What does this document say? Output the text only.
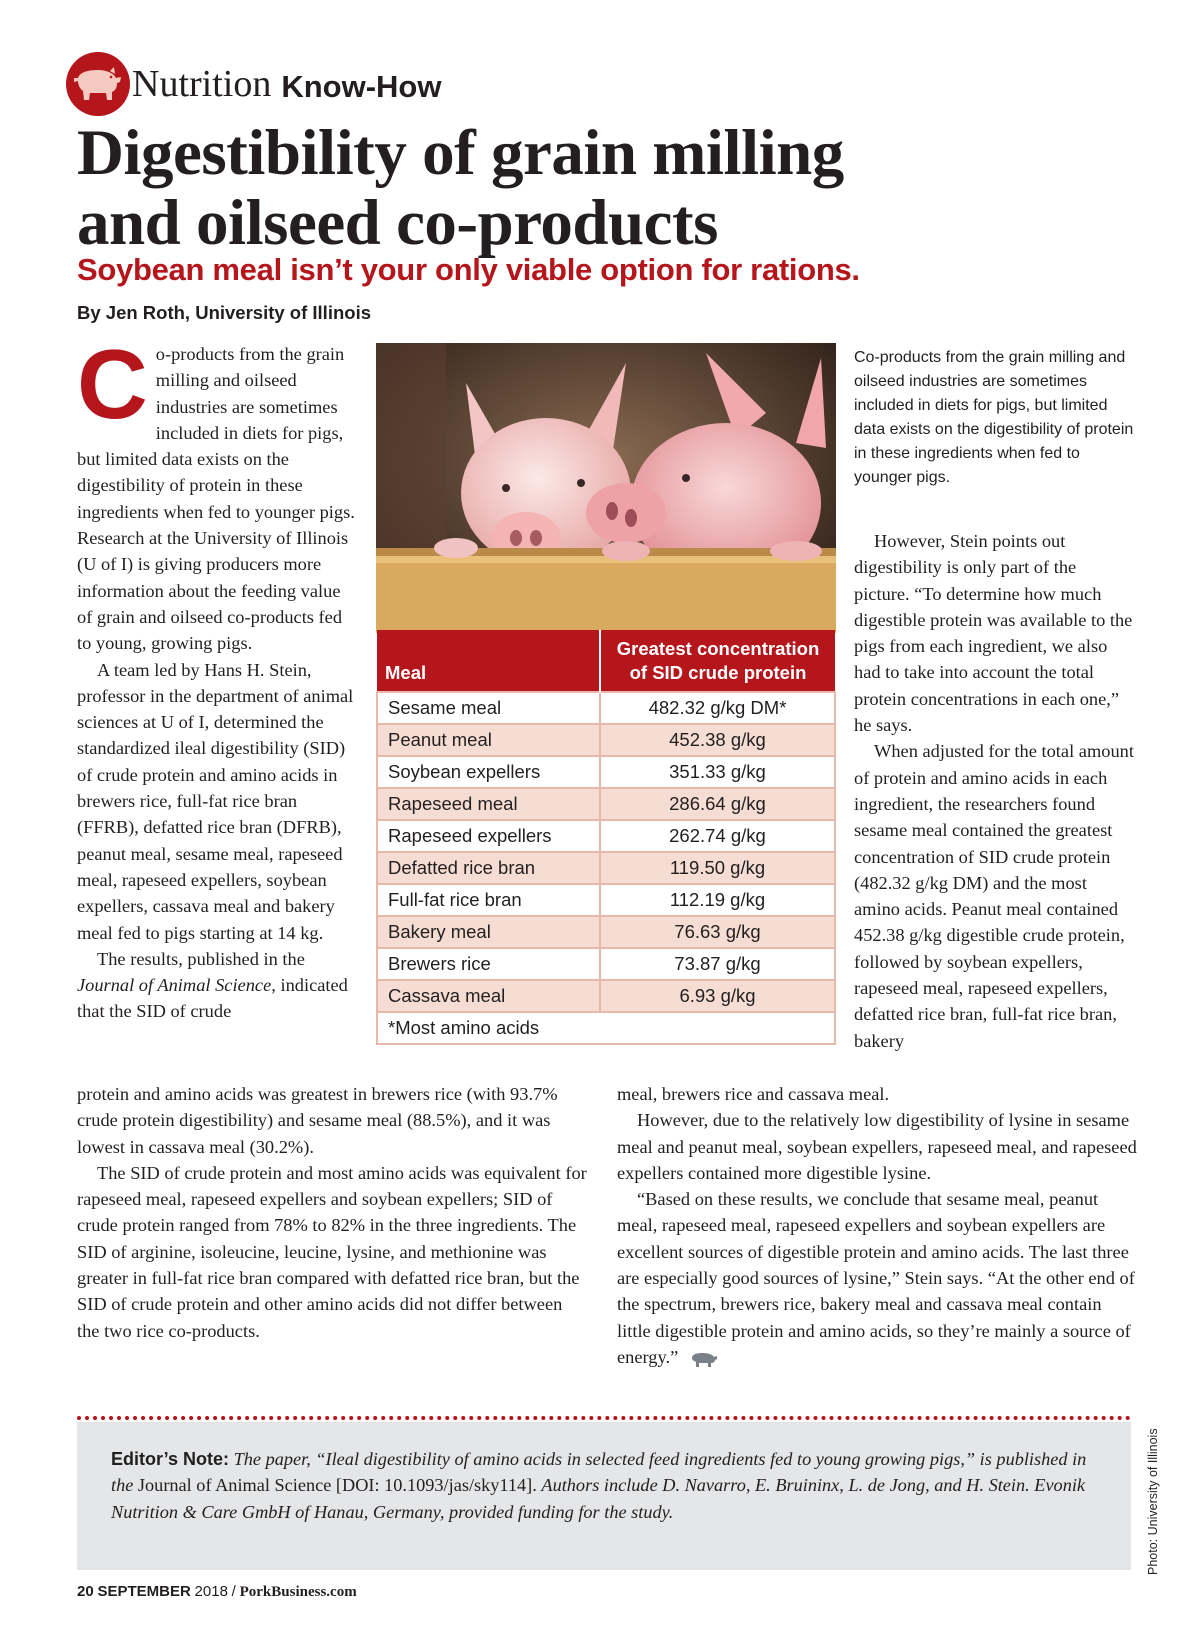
Nutrition Know-How
Digestibility of grain milling
and oilseed co-products
Soybean meal isn’t your only viable option for rations.
By Jen Roth, University of Illinois

Co-products from the grain milling and oilseed industries are sometimes included in diets for pigs, but limited data exists on the digestibility of protein in these ingredients when fed to younger pigs. Research at the University of Illinois (U of I) is giving producers more information about the feeding value of grain and oilseed co-products fed to young, growing pigs.

A team led by Hans H. Stein, professor in the department of animal sciences at U of I, determined the standardized ileal digestibility (SID) of crude protein and amino acids in brewers rice, full-fat rice bran (FFRB), defatted rice bran (DFRB), peanut meal, sesame meal, rapeseed meal, rapeseed expellers, soybean expellers, cassava meal and bakery meal fed to pigs starting at 14 kg.

The results, published in the Journal of Animal Science, indicated that the SID of crude

Co-products from the grain milling and oilseed industries are sometimes included in diets for pigs, but limited data exists on the digestibility of protein in these ingredients when fed to younger pigs.
Meal	Greatest concentration
of SID crude protein
Sesame meal	482.32 g/kg DM*
Peanut meal	452.38 g/kg
Soybean expellers	351.33 g/kg
Rapeseed meal	286.64 g/kg
Rapeseed expellers	262.74 g/kg
Defatted rice bran	119.50 g/kg
Full-fat rice bran	112.19 g/kg
Bakery meal	76.63 g/kg
Brewers rice	73.87 g/kg
Cassava meal	6.93 g/kg
*Most amino acids	

However, Stein points out digestibility is only part of the picture. “To determine how much digestible protein was available to the pigs from each ingredient, we also had to take into account the total protein concentrations in each one,” he says.

When adjusted for the total amount of protein and amino acids in each ingredient, the researchers found sesame meal contained the greatest concentration of SID crude protein (482.32 g/kg DM) and the most amino acids. Peanut meal contained 452.38 g/kg digestible crude protein, followed by soybean expellers, rapeseed meal, rapeseed expellers, defatted rice bran, full-fat rice bran, bakery

protein and amino acids was greatest in brewers rice (with 93.7% crude protein digestibility) and sesame meal (88.5%), and it was lowest in cassava meal (30.2%).

The SID of crude protein and most amino acids was equivalent for rapeseed meal, rapeseed expellers and soybean expellers; SID of crude protein ranged from 78% to 82% in the three ingredients. The SID of arginine, isoleucine, leucine, lysine, and methionine was greater in full-fat rice bran compared with defatted rice bran, but the SID of crude protein and other amino acids did not differ between the two rice co-products.

meal, brewers rice and cassava meal.

However, due to the relatively low digestibility of lysine in sesame meal and peanut meal, soybean expellers, rapeseed meal, and rapeseed expellers contained more digestible lysine.

“Based on these results, we conclude that sesame meal, peanut meal, rapeseed meal, rapeseed expellers and soybean expellers are excellent sources of digestible protein and amino acids. The last three are especially good sources of lysine,” Stein says. “At the other end of the spectrum, brewers rice, bakery meal and cassava meal contain little digestible protein and amino acids, so they’re mainly a source of energy.”

Editor’s Note: The paper, “Ileal digestibility of amino acids in selected feed ingredients fed to young growing pigs,” is published in the Journal of Animal Science [DOI: 10.1093/jas/sky114]. Authors include D. Navarro, E. Bruininx, L. de Jong, and H. Stein. Evonik Nutrition & Care GmbH of Hanau, Germany, provided funding for the study.	Photo: University of Illinois
20 SEPTEMBER 2018 / PorkBusiness.com
